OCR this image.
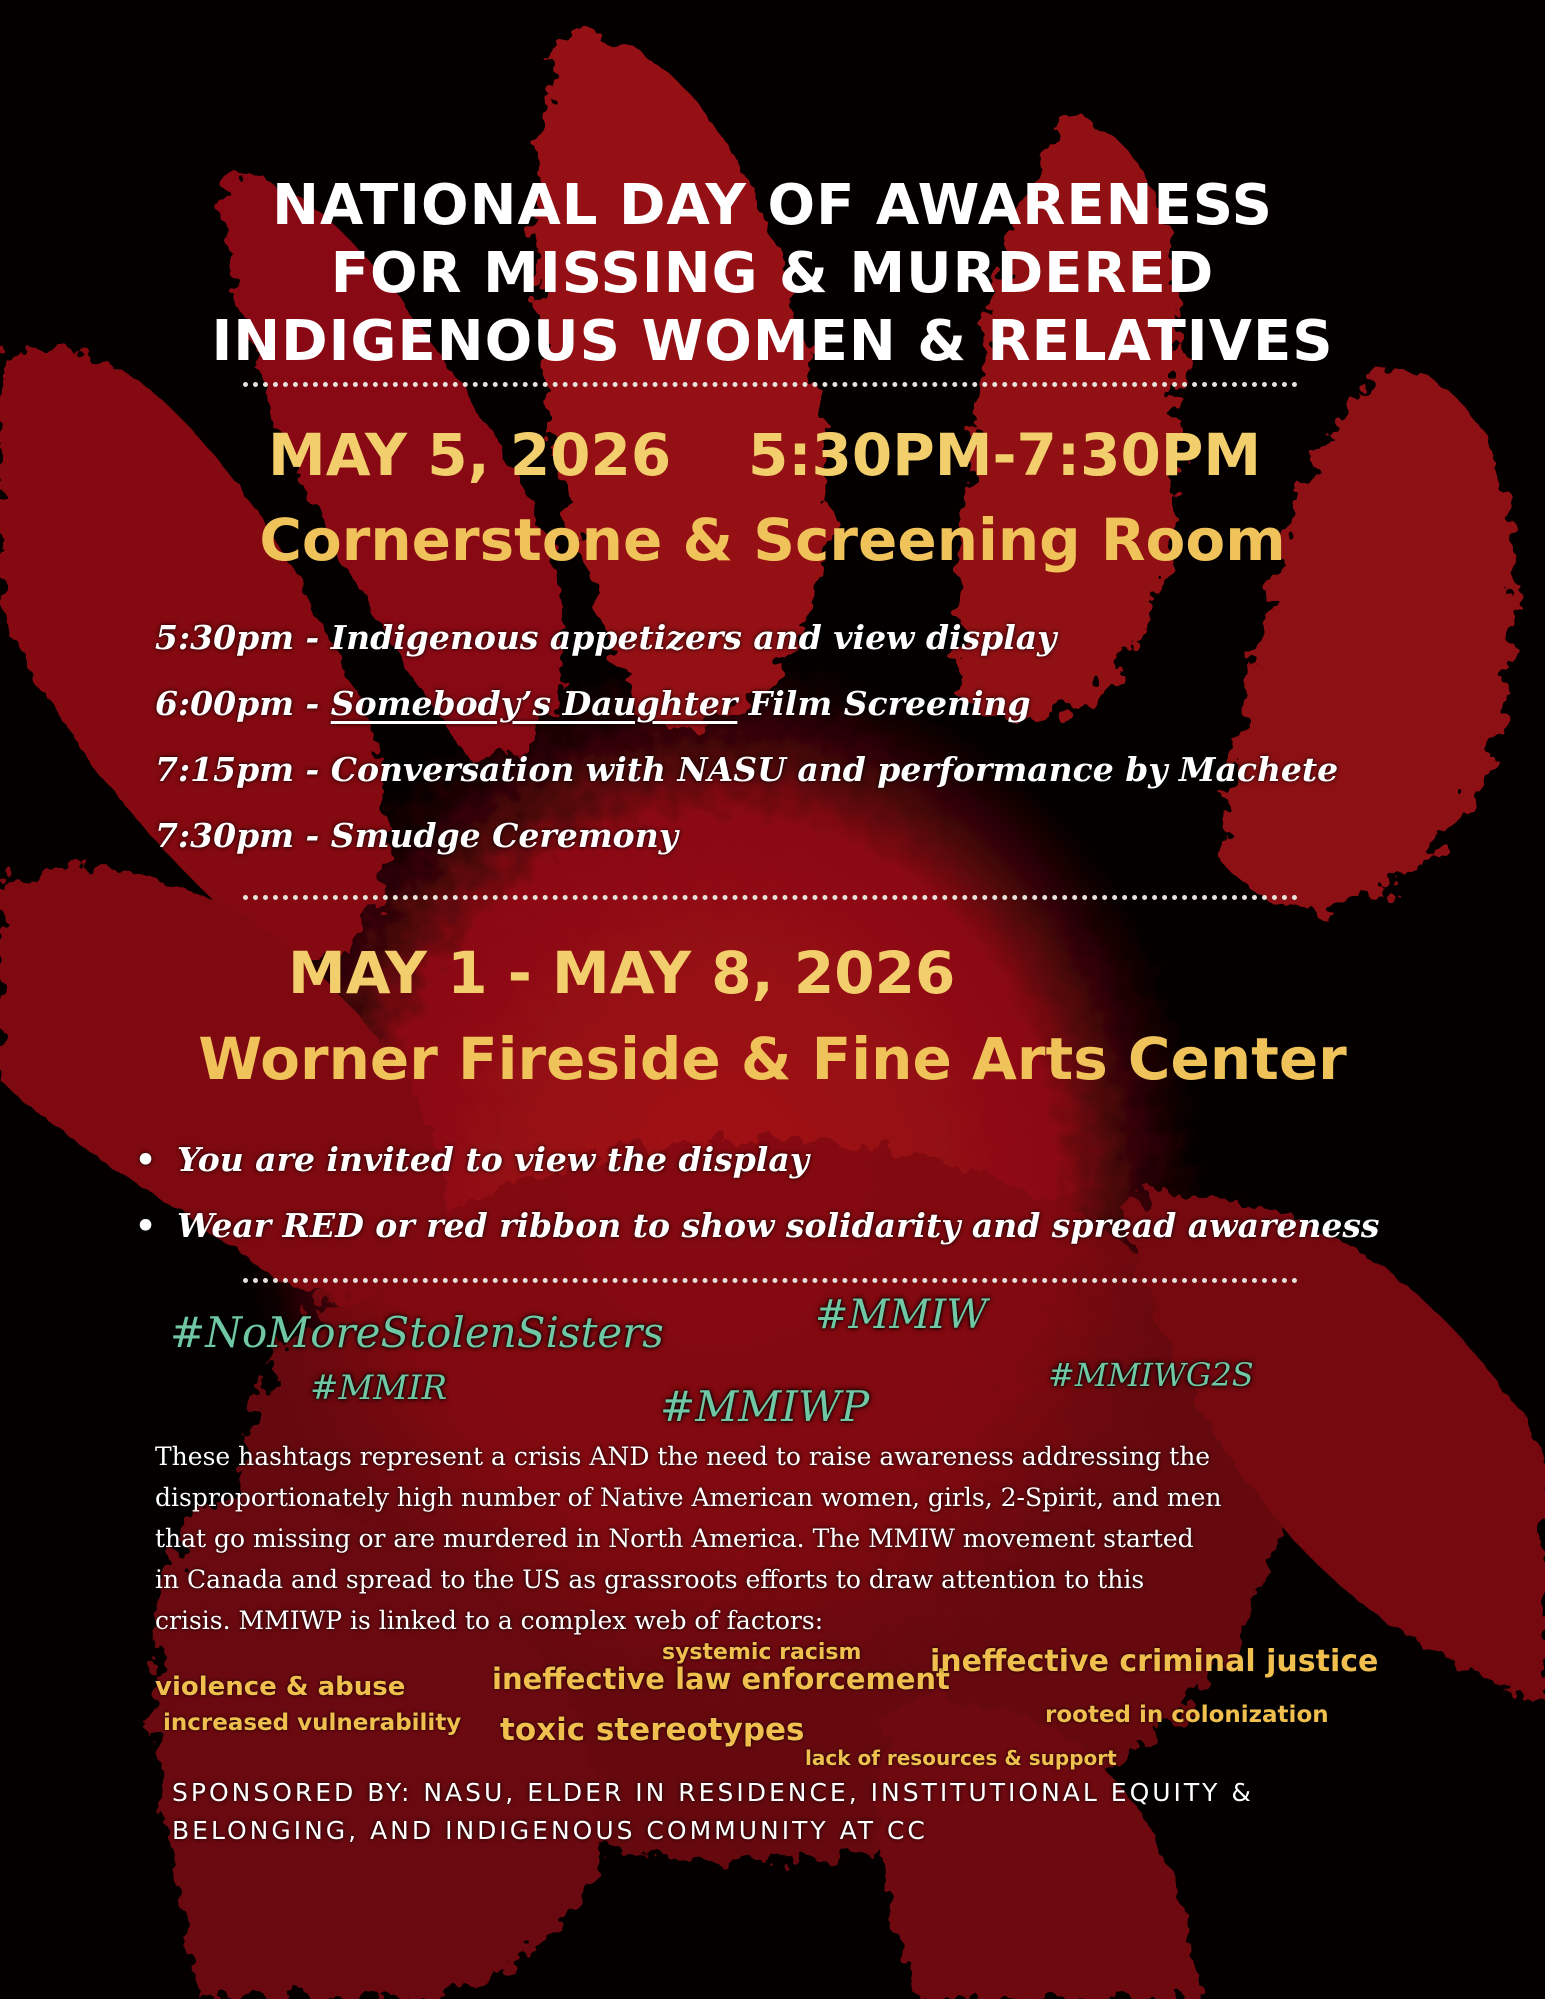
NATIONAL DAY OF AWARENESS
FOR MISSING & MURDERED
INDIGENOUS WOMEN & RELATIVES
MAY 5, 2026 5:30PM-7:30PM
Cornerstone & Screening Room
5:30pm - Indigenous appetizers and view display
6:00pm - Somebody’s Daughter Film Screening
7:15pm - Conversation with NASU and performance by Machete
7:30pm - Smudge Ceremony
MAY 1 - MAY 8, 2026
Worner Fireside & Fine Arts Center
• You are invited to view the display
• Wear RED or red ribbon to show solidarity and spread awareness
#NoMoreStolenSisters	#MMIW
#MMIR	#MMIWG2S
#MMIWP

These hashtags represent a crisis AND the need to raise awareness addressing the

disproportionately high number of Native American women, girls, 2-Spirit, and men

that go missing or are murdered in North America. The MMIW movement started

in Canada and spread to the US as grassroots efforts to draw attention to this

crisis. MMIWP is linked to a complex web of factors:

systemic racism
violence & abuse	ineffective law enforcement
ineffective criminal justice
increased vulnerability	rooted in colonization
toxic stereotypes
lack of resources & support

SPONSORED BY: NASU, ELDER IN RESIDENCE, INSTITUTIONAL EQUITY &

BELONGING, AND INDIGENOUS COMMUNITY AT CC
